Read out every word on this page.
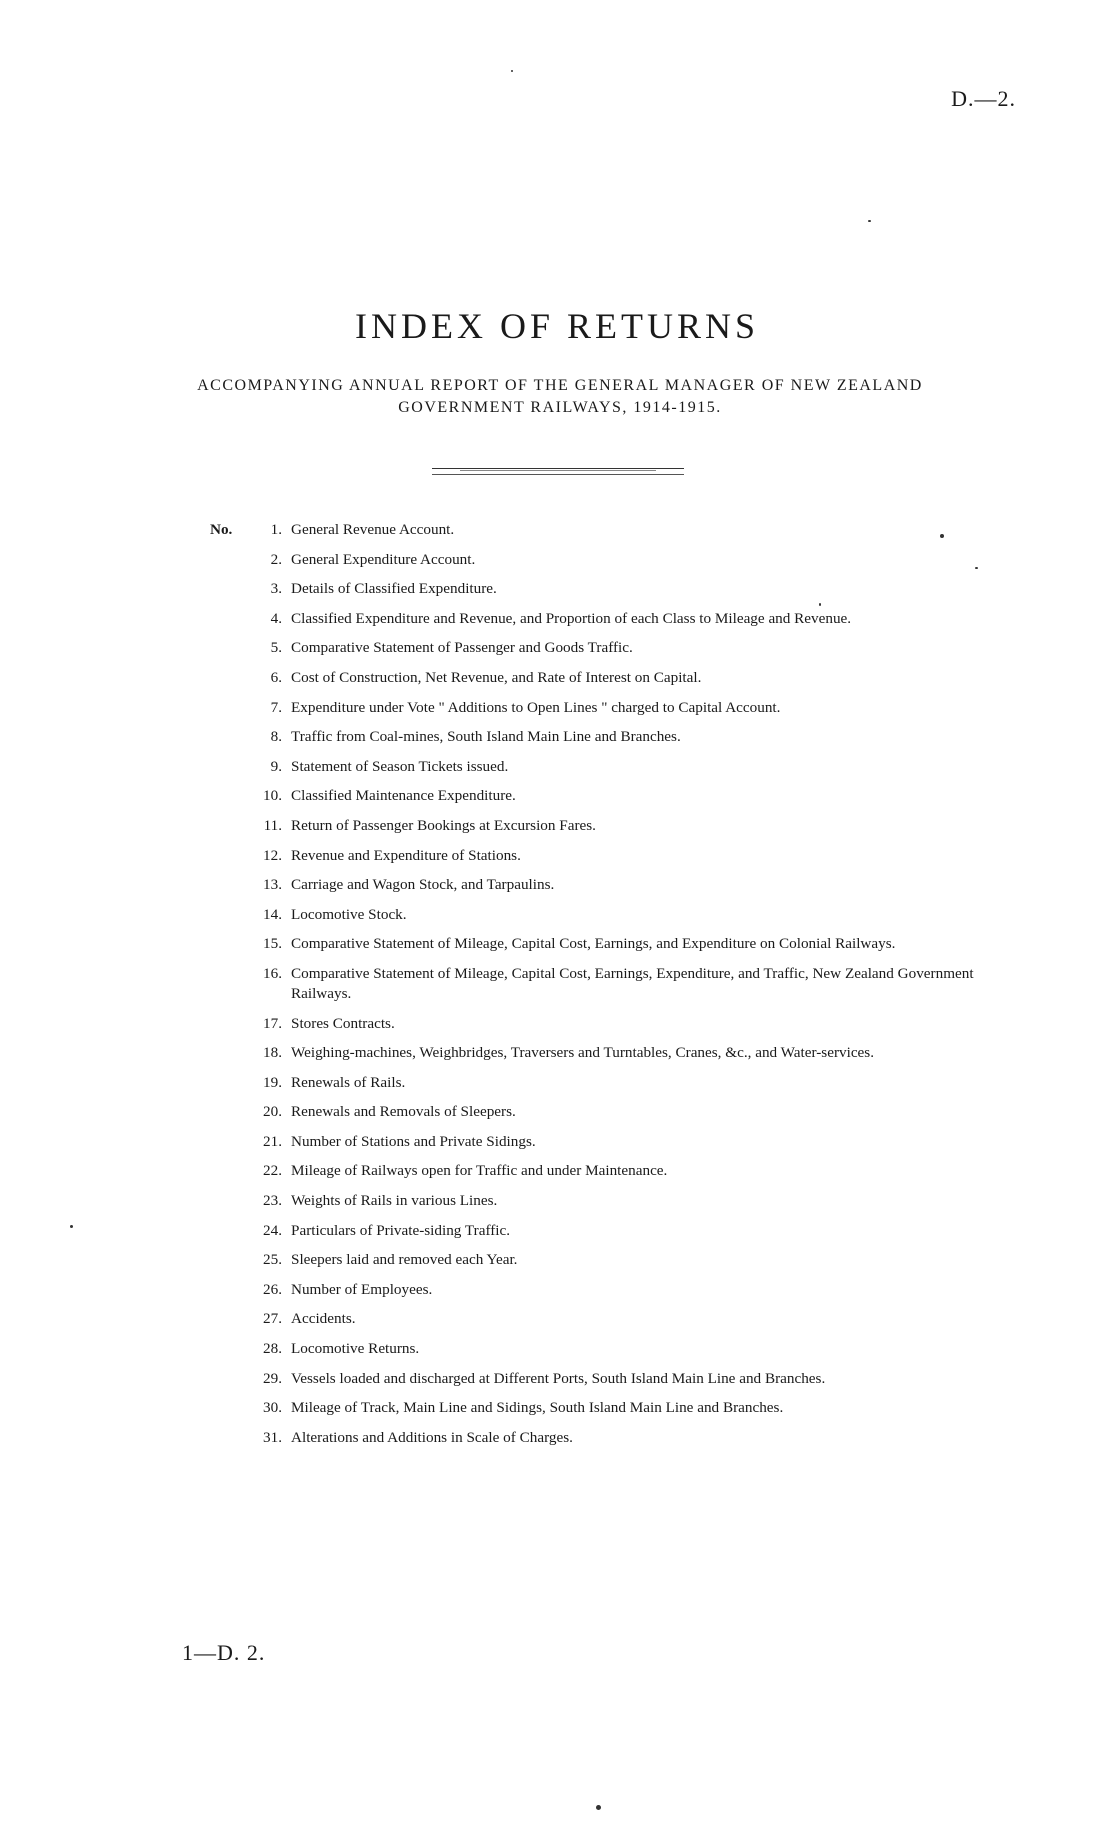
D.—2.
INDEX OF RETURNS

ACCOMPANYING ANNUAL REPORT OF THE GENERAL MANAGER OF NEW ZEALAND GOVERNMENT RAILWAYS, 1914-1915.

No.	1. General Revenue Account.
2. General Expenditure Account.
3. Details of Classified Expenditure.
4. Classified Expenditure and Revenue, and Proportion of each Class to Mileage and Revenue.
5. Comparative Statement of Passenger and Goods Traffic.
6. Cost of Construction, Net Revenue, and Rate of Interest on Capital.
7. Expenditure under Vote " Additions to Open Lines " charged to Capital Account.
8. Traffic from Coal-mines, South Island Main Line and Branches.
9. Statement of Season Tickets issued.
10. Classified Maintenance Expenditure.
11. Return of Passenger Bookings at Excursion Fares.
12. Revenue and Expenditure of Stations.
13. Carriage and Wagon Stock, and Tarpaulins.
14. Locomotive Stock.
15. Comparative Statement of Mileage, Capital Cost, Earnings, and Expenditure on Colonial Railways.
16. Comparative Statement of Mileage, Capital Cost, Earnings, Expenditure, and Traffic, New Zealand Government Railways.
17. Stores Contracts.
18. Weighing-machines, Weighbridges, Traversers and Turntables, Cranes, &c., and Water-services.
19. Renewals of Rails.
20. Renewals and Removals of Sleepers.
21. Number of Stations and Private Sidings.
22. Mileage of Railways open for Traffic and under Maintenance.
23. Weights of Rails in various Lines.
24. Particulars of Private-siding Traffic.
25. Sleepers laid and removed each Year.
26. Number of Employees.
27. Accidents.
28. Locomotive Returns.
29. Vessels loaded and discharged at Different Ports, South Island Main Line and Branches.
30. Mileage of Track, Main Line and Sidings, South Island Main Line and Branches.
31. Alterations and Additions in Scale of Charges.
1—D. 2.
